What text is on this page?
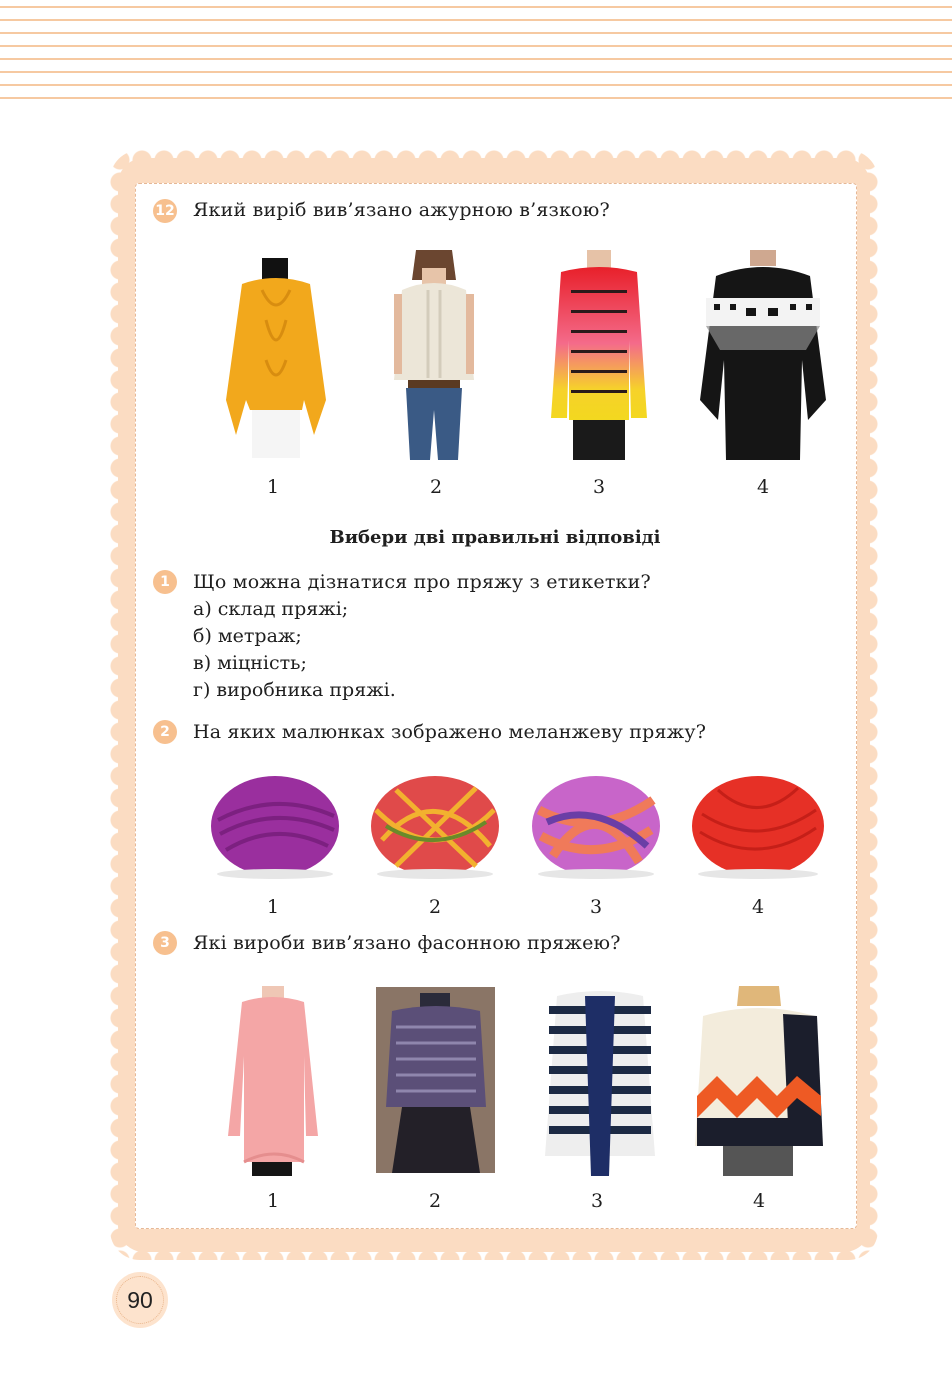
12 Який виріб вив’язано ажурною в’язкою?
1	2	3	4
Вибери дві правильні відповіді
1	Що можна дізнатися про пряжу з етикетки?
а) склад пряжі;
б) метраж;
в) міцність;
г) виробника пряжі.
2	На яких малюнках зображено меланжеву пряжу?
1	2	3	4
3	Які вироби вив’язано фасонною пряжею?
1	2	3	4
90
